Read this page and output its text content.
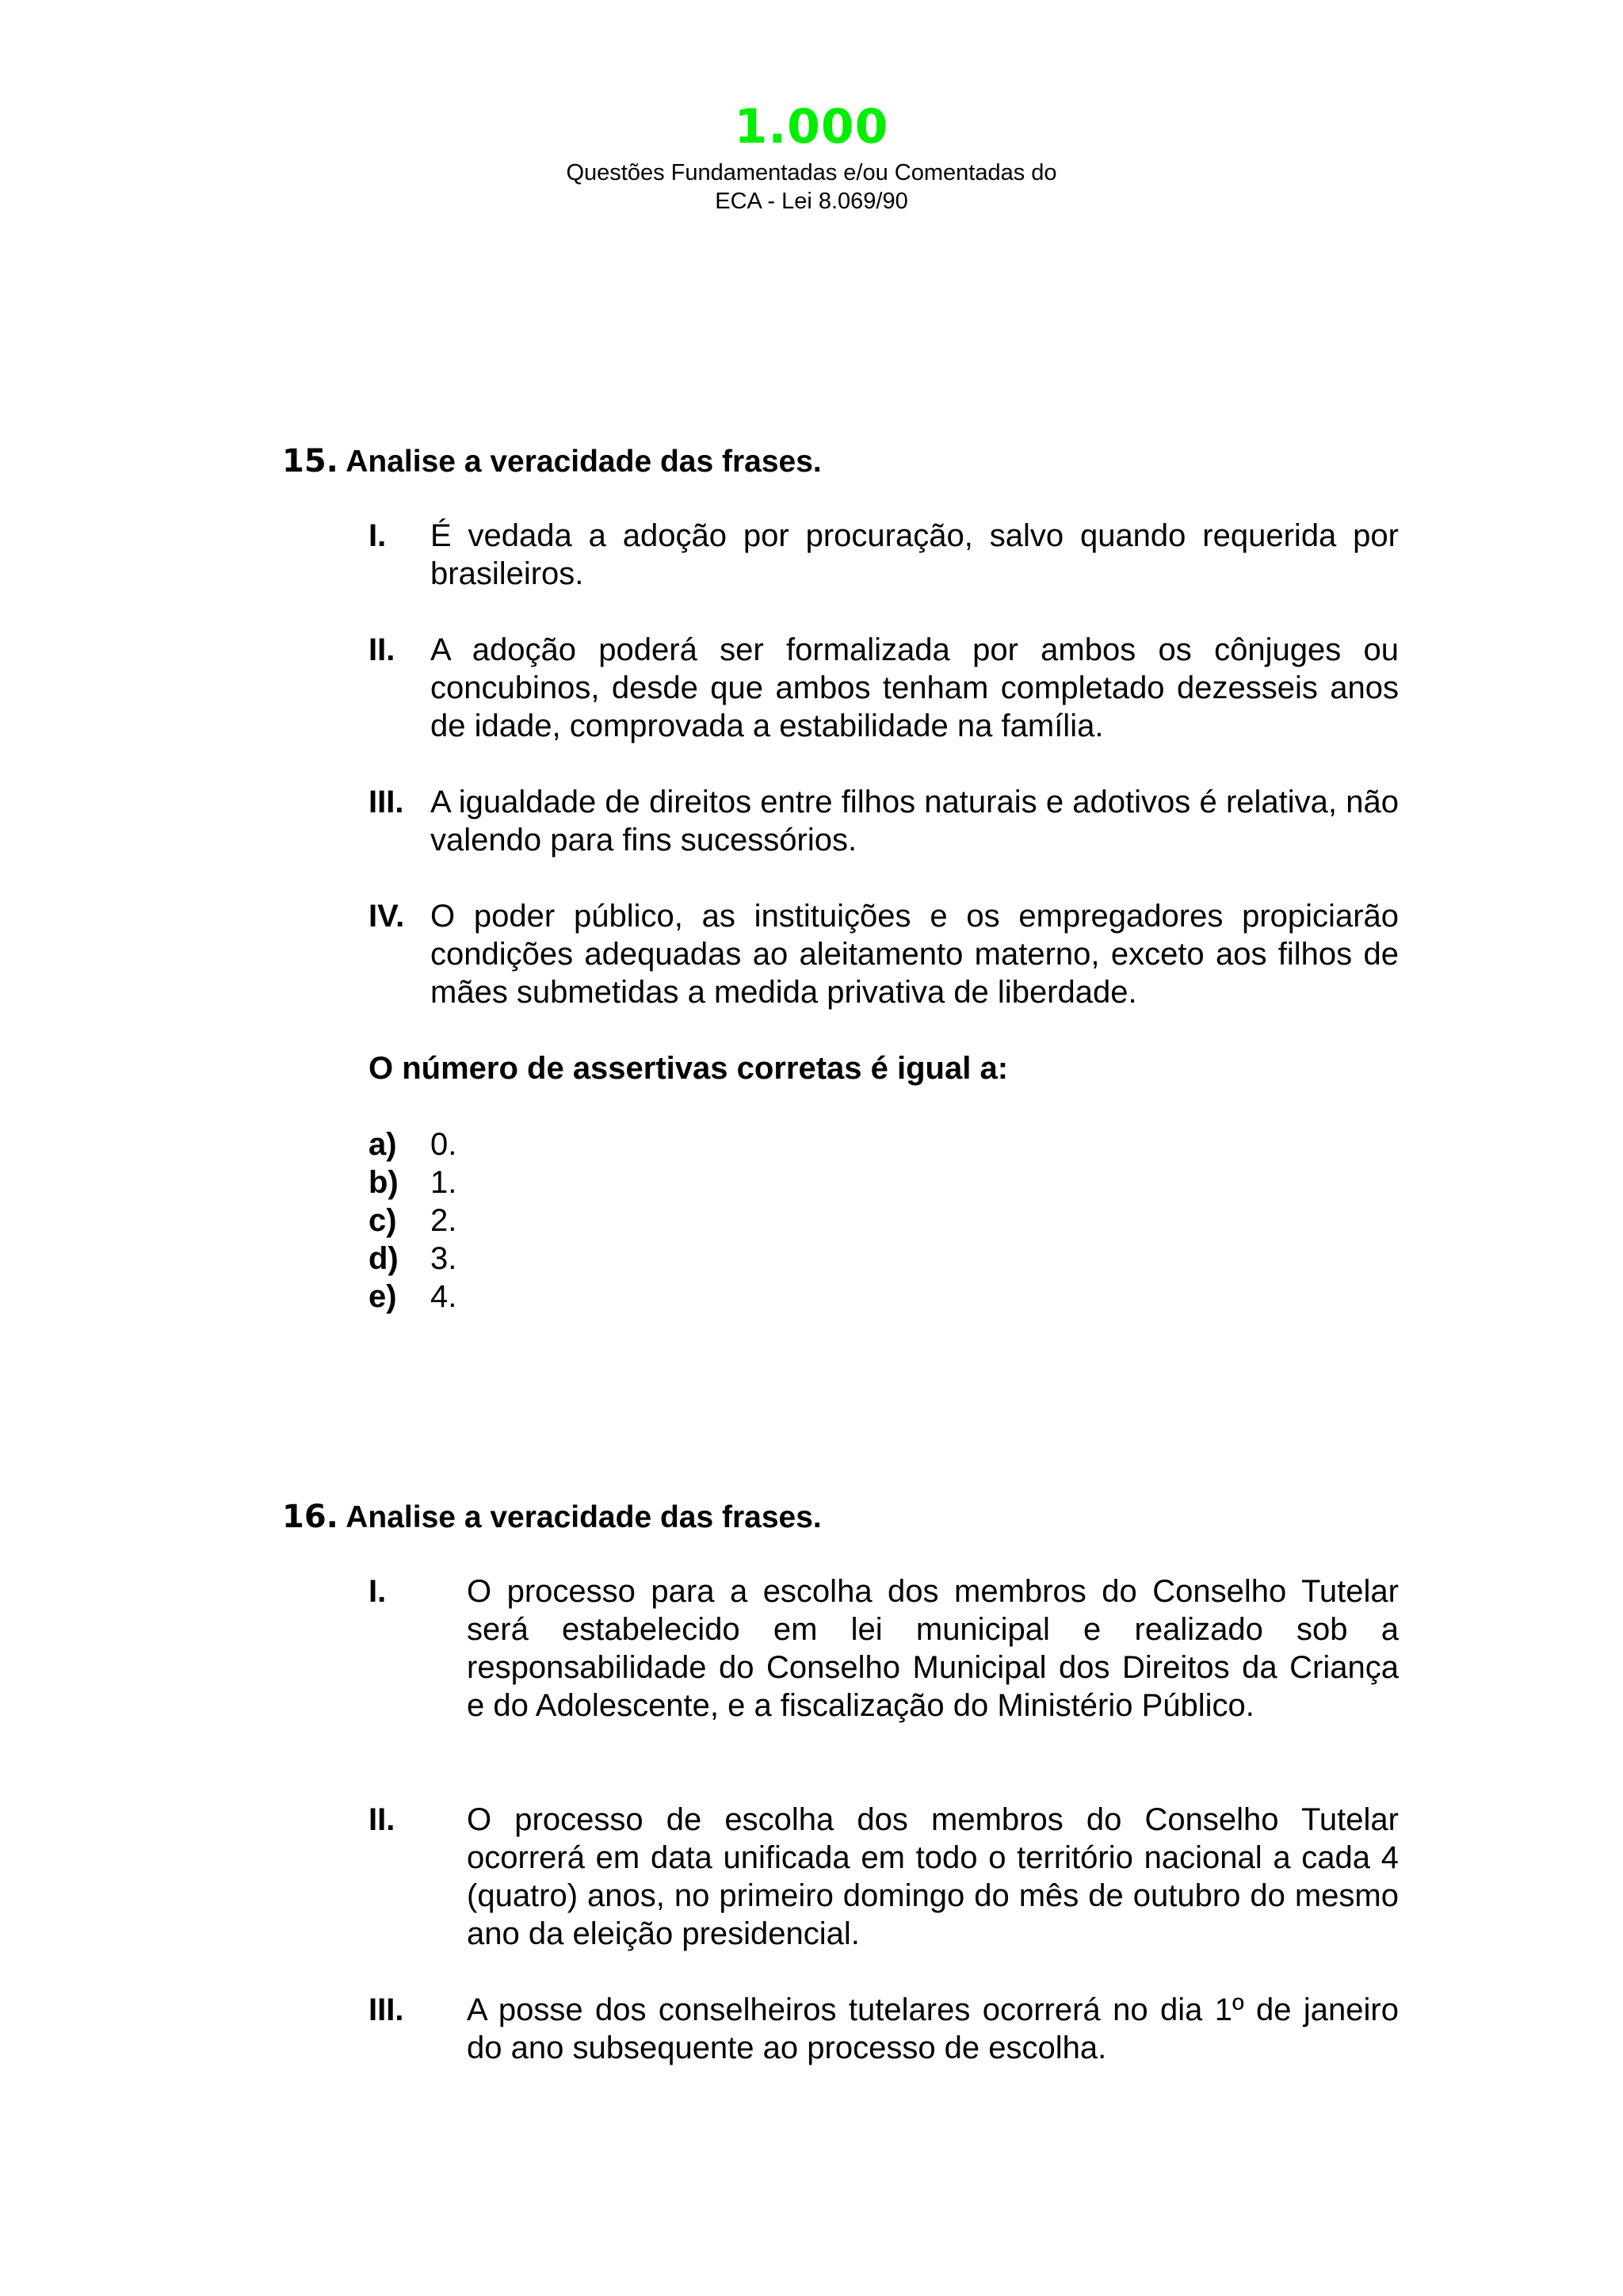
1.000
Questões Fundamentadas e/ou Comentadas do
ECA - Lei 8.069/90
15. Analise a veracidade das frases.
I. É vedada a adoção por procuração, salvo quando requerida por brasileiros.
II. A adoção poderá ser formalizada por ambos os cônjuges ou concubinos, desde que ambos tenham completado dezesseis anos de idade, comprovada a estabilidade na família.
III. A igualdade de direitos entre filhos naturais e adotivos é relativa, não valendo para fins sucessórios.
IV. O poder público, as instituições e os empregadores propiciarão condições adequadas ao aleitamento materno, exceto aos filhos de mães submetidas a medida privativa de liberdade.
O número de assertivas corretas é igual a:
a) 0.
b) 1.
c) 2.
d) 3.
e) 4.
16. Analise a veracidade das frases.
I.	O processo para a escolha dos membros do Conselho Tutelar será estabelecido em lei municipal e realizado sob a responsabilidade do Conselho Municipal dos Direitos da Criança e do Adolescente, e a fiscalização do Ministério Público.
II. O processo de escolha dos membros do Conselho Tutelar ocorrerá em data unificada em todo o território nacional a cada 4 (quatro) anos, no primeiro domingo do mês de outubro do mesmo ano da eleição presidencial.
III. A posse dos conselheiros tutelares ocorrerá no dia 1º de janeiro do ano subsequente ao processo de escolha.
